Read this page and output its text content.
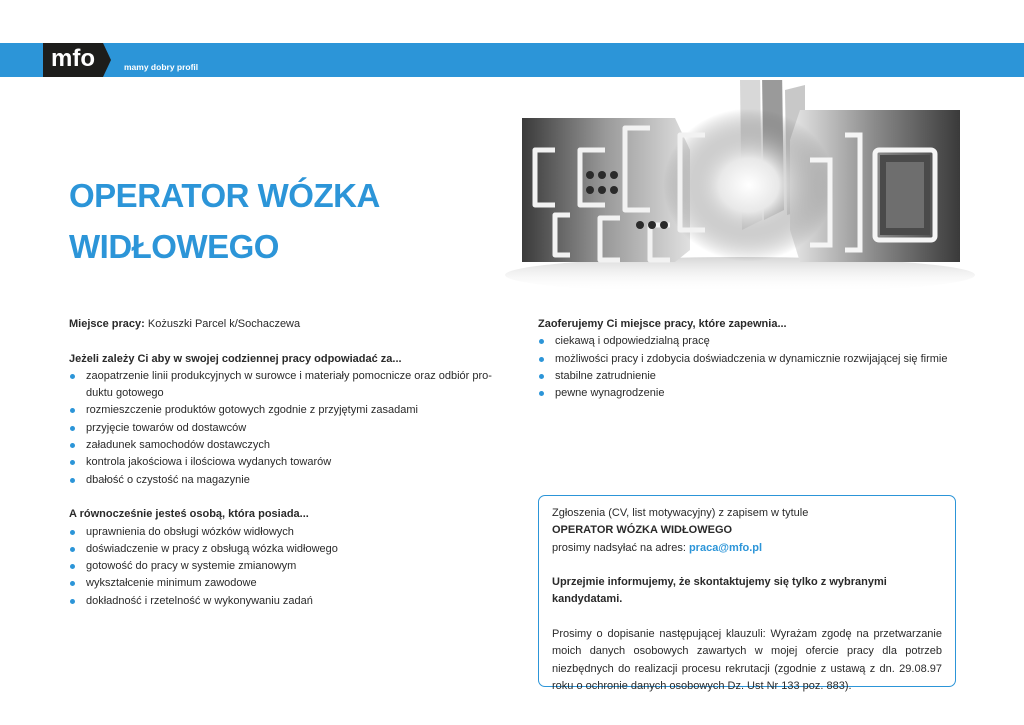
mfo	mamy dobry profil
OPERATOR WÓZKA
WIDŁOWEGO

Miejsce pracy: Kożuszki Parcel k/Sochaczewa

Jeżeli zależy Ci aby w swojej codziennej pracy odpowiadać za...

zaopatrzenie linii produkcyjnych w surowce i materiały pomocnicze oraz odbiór pro-duktu gotowego
rozmieszczenie produktów gotowych zgodnie z przyjętymi zasadami
przyjęcie towarów od dostawców
załadunek samochodów dostawczych
kontrola jakościowa i ilościowa wydanych towarów
dbałość o czystość na magazynie

A równocześnie jesteś osobą, która posiada...

uprawnienia do obsługi wózków widłowych
doświadczenie w pracy z obsługą wózka widłowego
gotowość do pracy w systemie zmianowym
wykształcenie minimum zawodowe
dokładność i rzetelność w wykonywaniu zadań

Zaoferujemy Ci miejsce pracy, które zapewnia...

ciekawą i odpowiedzialną pracę
możliwości pracy i zdobycia doświadczenia w dynamicznie rozwijającej się firmie
stabilne zatrudnienie
pewne wynagrodzenie

Zgłoszenia (CV, list motywacyjny) z zapisem w tytule

OPERATOR WÓZKA WIDŁOWEGO

prosimy nadsyłać na adres: praca@mfo.pl

Uprzejmie informujemy, że skontaktujemy się tylko z wybranymi kandydatami.

Prosimy o dopisanie następującej klauzuli: Wyrażam zgodę na przetwarzanie moich danych osobowych zawartych w mojej ofercie pracy dla potrzeb niezbędnych do realizacji procesu rekrutacji (zgodnie z ustawą z dn. 29.08.97 roku o ochronie danych osobowych Dz. Ust Nr 133 poz. 883).
